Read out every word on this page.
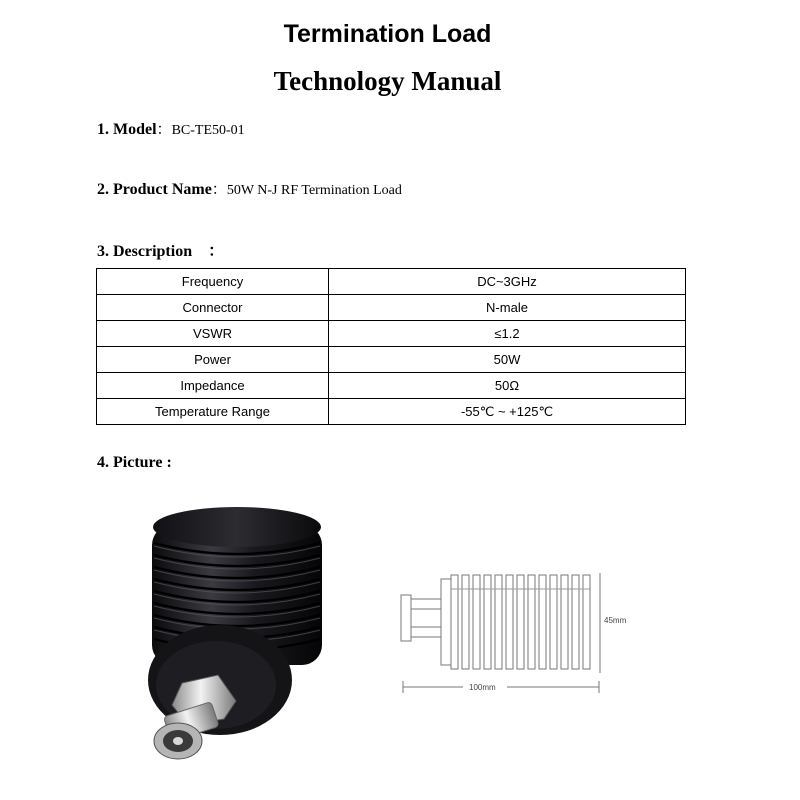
Termination Load
Technology Manual
1. Model：BC-TE50-01
2. Product Name：50W N-J RF Termination Load
3. Description　：
Frequency	DC~3GHz
Connector	N-male
VSWR	≤1.2
Power	50W
Impedance	50Ω
Temperature Range	-55℃ ~ +125℃
4. Picture :
45mm
100mm
